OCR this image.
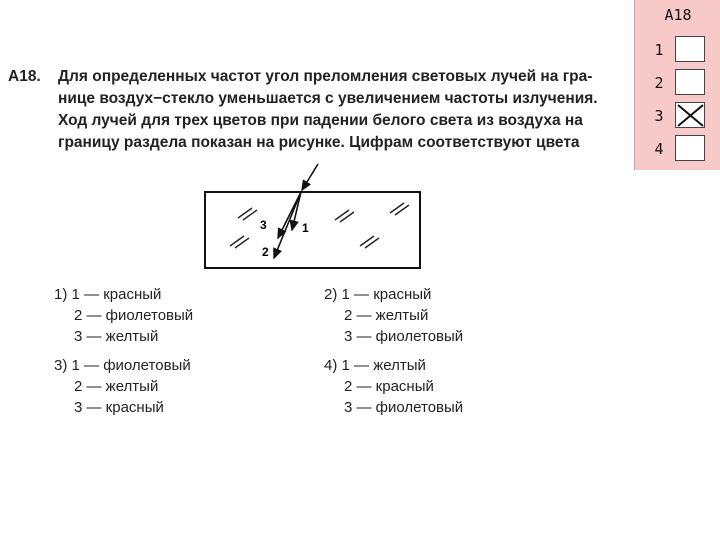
А18. Для определенных частот угол преломления световых лучей на гра-
нице воздух−стекло уменьшается с увеличением частоты излучения.
Ход лучей для трех цветов при падении белого света из воздуха на
границу раздела показан на рисунке. Цифрам соответствуют цвета
3	1
2
1) 1 — красный
2 — фиолетовый
3 — желтый
2) 1 — красный
2 — желтый
3 — фиолетовый
3) 1 — фиолетовый
2 — желтый
3 — красный
4) 1 — желтый
2 — красный
3 — фиолетовый
А18
1
2
3
4
